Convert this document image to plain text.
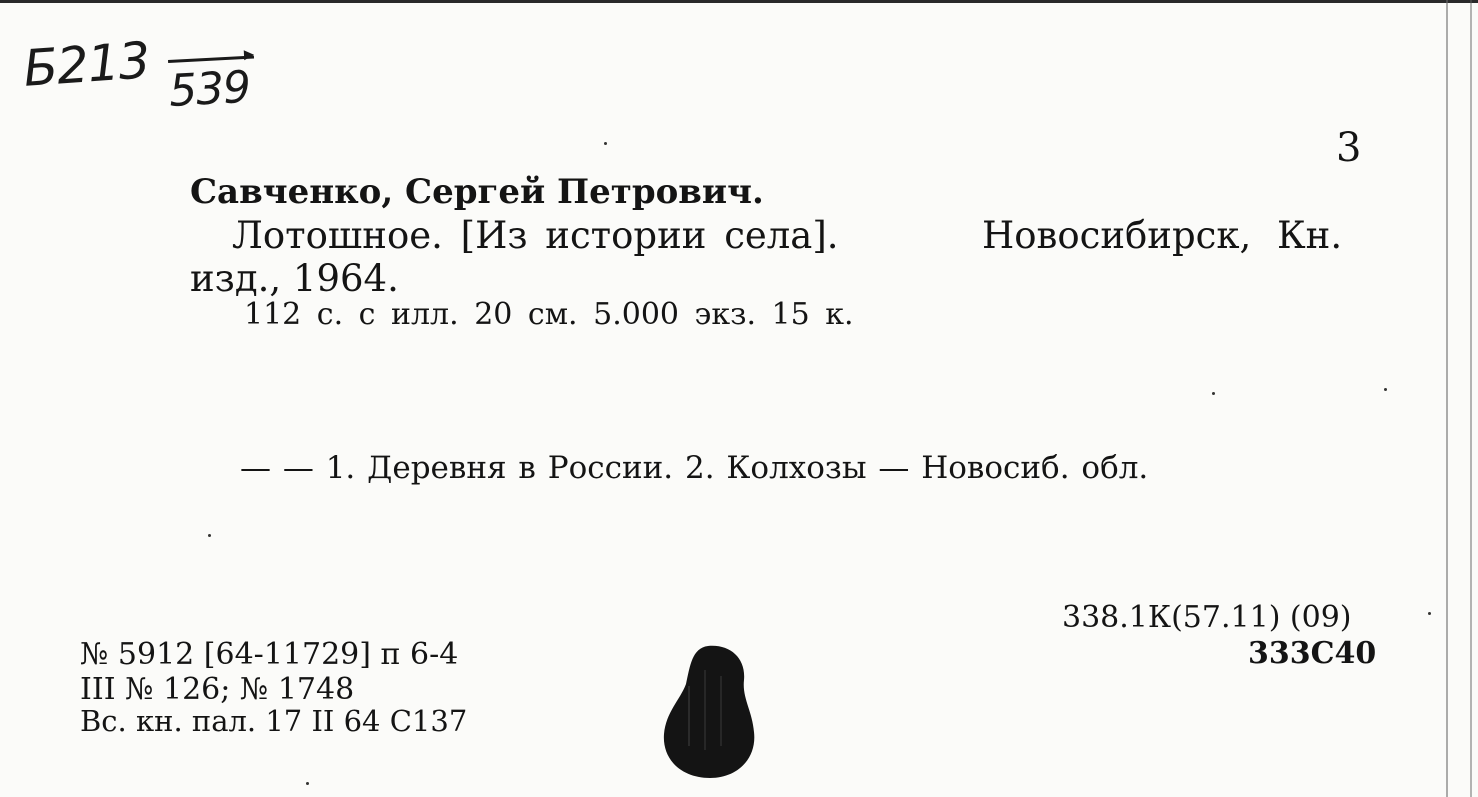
Б213 539
3
Савченко, Сергей Петрович.
Лотошное. [Из истории села].	Новосибирск, Кн.
изд., 1964.
112 с. с илл. 20 см. 5.000 экз. 15 к.
— — 1. Деревня в России. 2. Колхозы — Новосиб. обл.
338.1К(57.11) (09)
333С40
№ 5912 [64-11729] п 6-4
III № 126; № 1748
Вс. кн. пал. 17 II 64 С137
